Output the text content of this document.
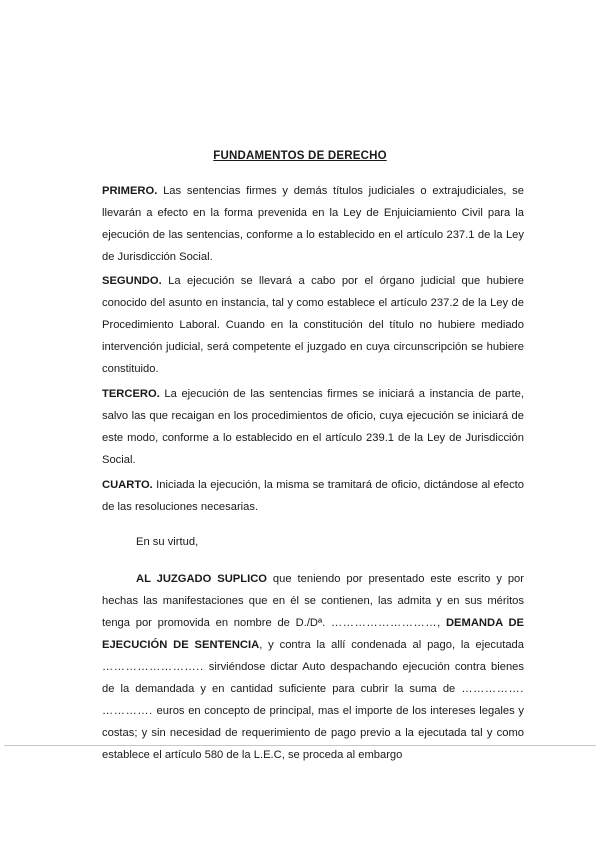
FUNDAMENTOS DE DERECHO
PRIMERO. Las sentencias firmes y demás títulos judiciales o extrajudiciales, se llevarán a efecto en la forma prevenida en la Ley de Enjuiciamiento Civil para la ejecución de las sentencias, conforme a lo establecido en el artículo 237.1 de la Ley de Jurisdicción Social.
SEGUNDO. La ejecución se llevará a cabo por el órgano judicial que hubiere conocido del asunto en instancia, tal y como establece el artículo 237.2 de la Ley de Procedimiento Laboral. Cuando en la constitución del título no hubiere mediado intervención judicial, será competente el juzgado en cuya circunscripción se hubiere constituido.
TERCERO. La ejecución de las sentencias firmes se iniciará a instancia de parte, salvo las que recaigan en los procedimientos de oficio, cuya ejecución se iniciará de este modo, conforme a lo establecido en el artículo 239.1 de la Ley de Jurisdicción Social.
CUARTO. Iniciada la ejecución, la misma se tramitará de oficio, dictándose al efecto de las resoluciones necesarias.
En su virtud,
AL JUZGADO SUPLICO que teniendo por presentado este escrito y por hechas las manifestaciones que en él se contienen, las admita y en sus méritos tenga por promovida en nombre de D./Dª. ………………………, DEMANDA DE EJECUCIÓN DE SENTENCIA, y contra la allí condenada al pago, la ejecutada …………………….. sirviéndose dictar Auto despachando ejecución contra bienes de la demandada y en cantidad suficiente para cubrir la suma de ……………. …………. euros en concepto de principal, mas el importe de los intereses legales y costas; y sin necesidad de requerimiento de pago previo a la ejecutada tal y como establece el artículo 580 de la L.E.C, se proceda al embargo
